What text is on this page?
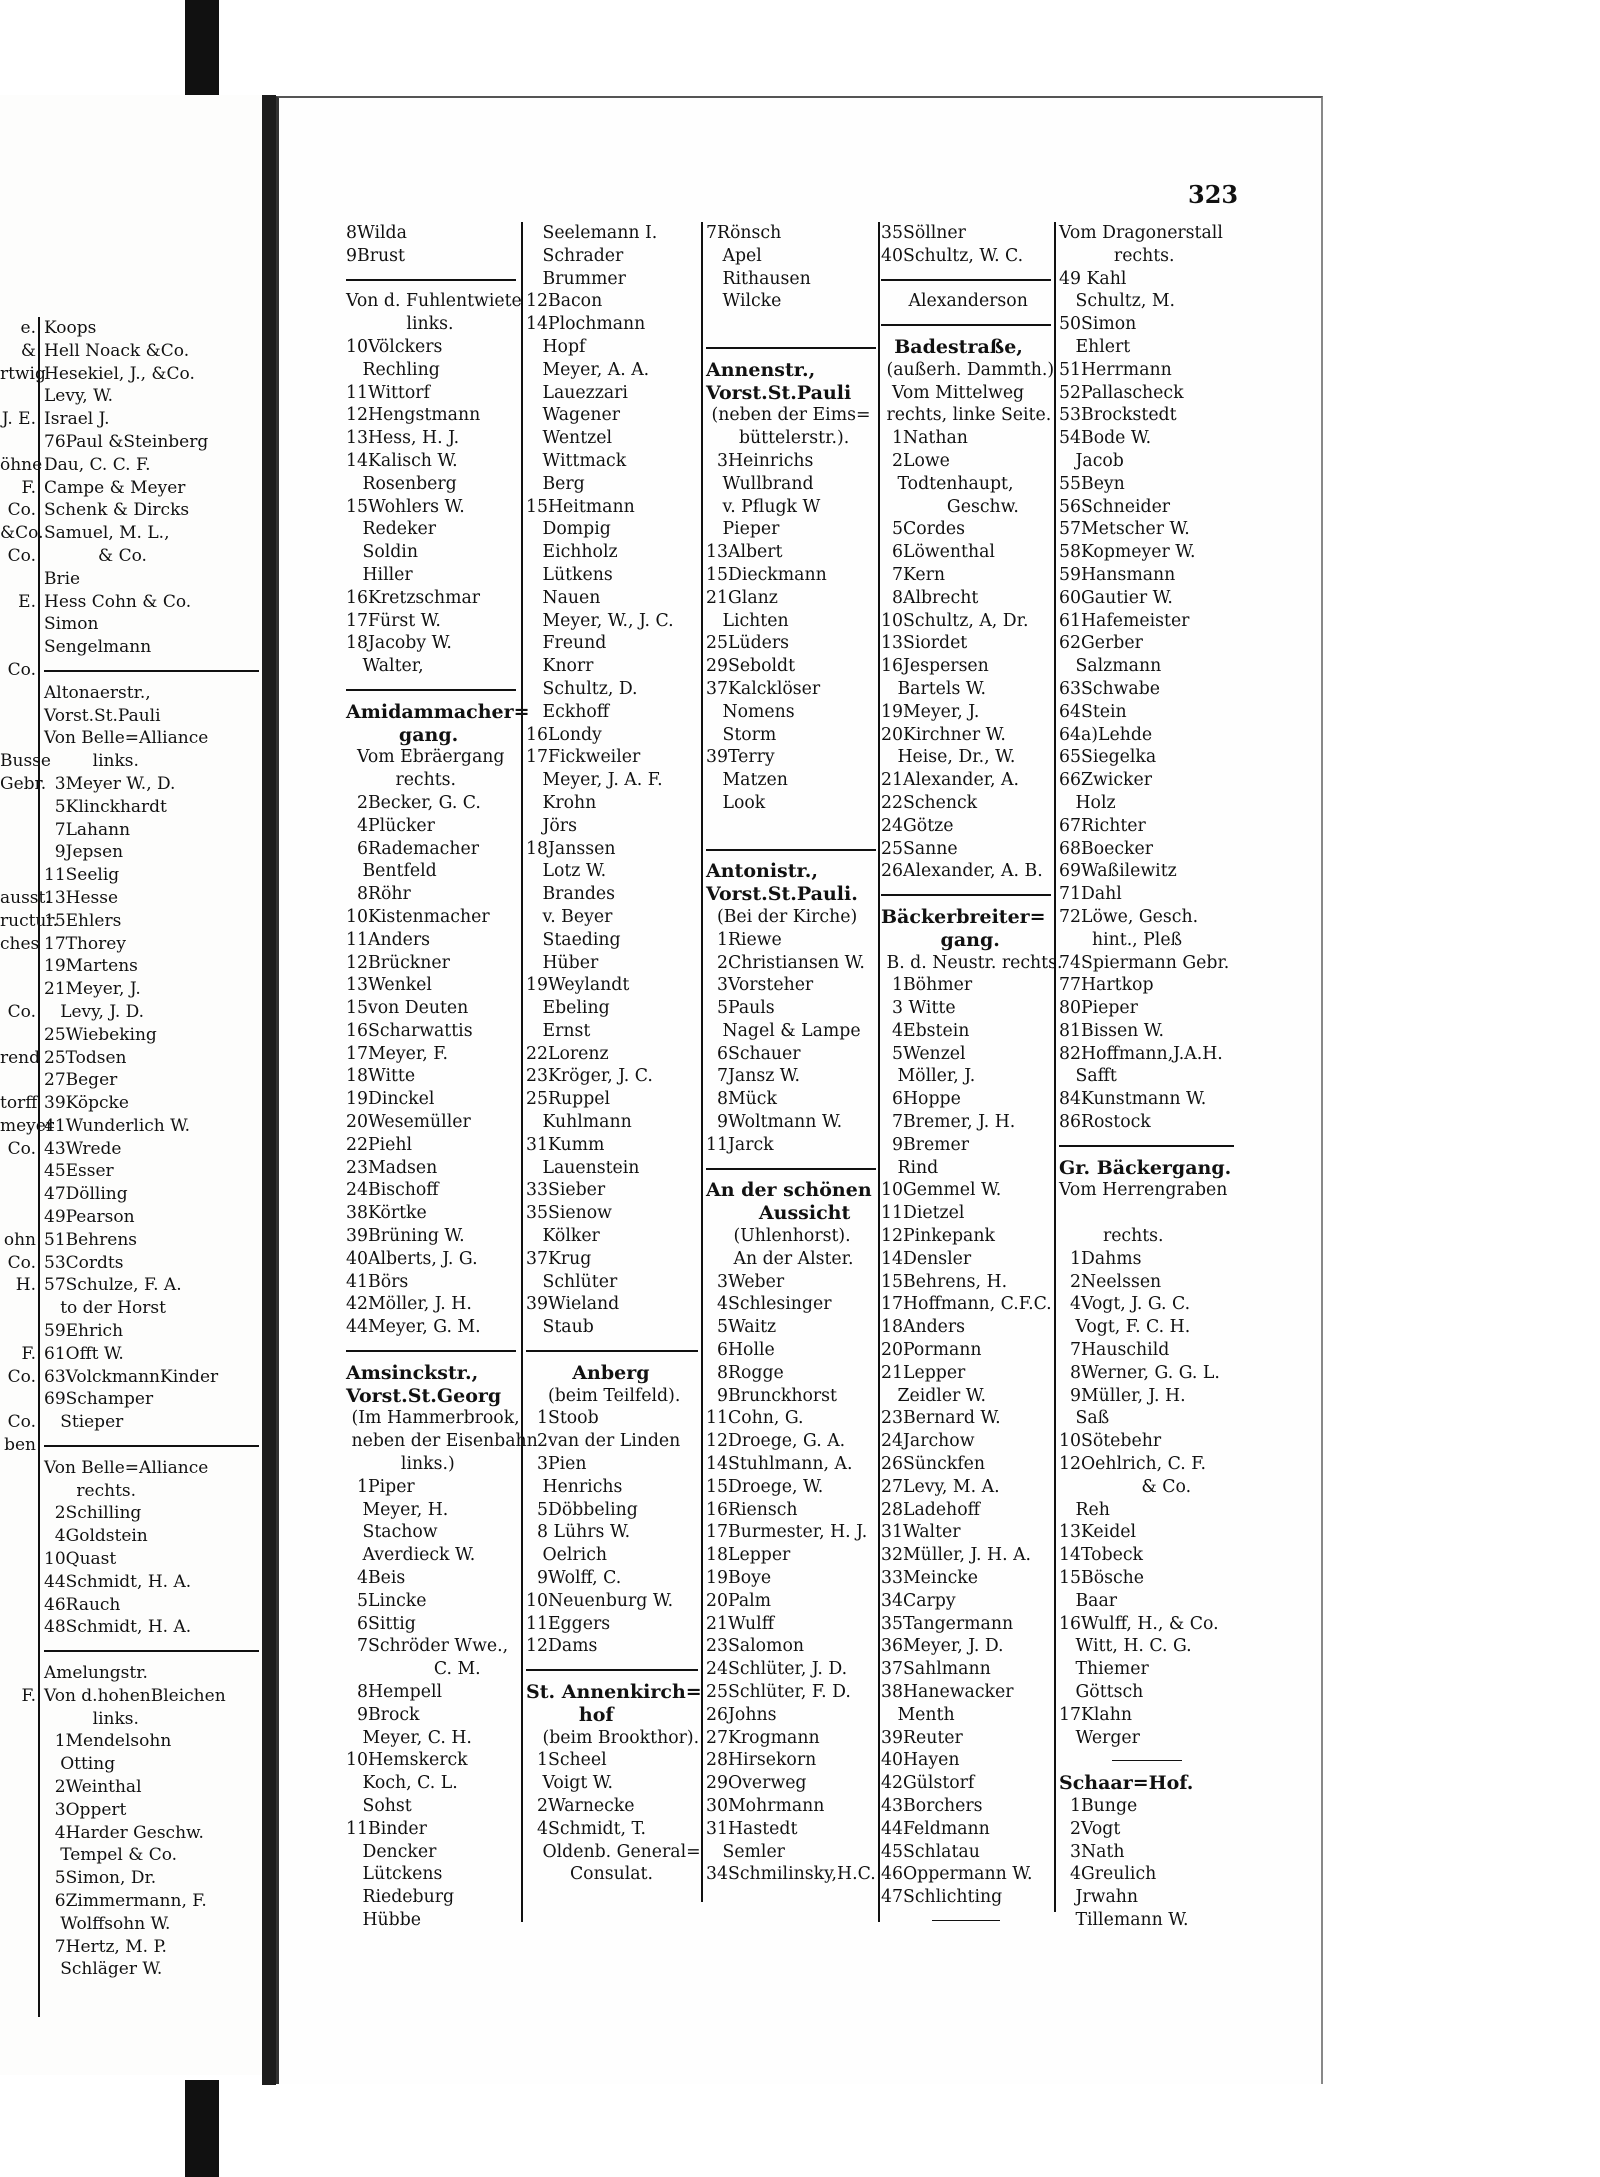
e.
&
rtwig
J. E.
öhne
F.
Co.
&Co.
Co.
E.
Co.
Busse
Gebr.
ausst.
ructur.
ches
Co.
rend
torff
meyer
Co.
ohn
Co.
H.
F.
Co.
Co.
ben
F.
Koops
Hell Noack &Co.
Hesekiel, J., &Co.
Levy, W.
Israel J.
76Paul &Steinberg
Dau, C. C. F.
Campe & Meyer
Schenk & Dircks
Samuel, M. L.,
& Co.
Brie
Hess Cohn & Co.
Simon
Sengelmann
Altonaerstr.,
Vorst.St.Pauli
Von Belle=Alliance
links.
3Meyer W., D.
5Klinckhardt
7Lahann
9Jepsen
11Seelig
13Hesse
15Ehlers
17Thorey
19Martens
21Meyer, J.
Levy, J. D.
25Wiebeking
25Todsen
27Beger
39Köpcke
41Wunderlich W.
43Wrede
45Esser
47Dölling
49Pearson
51Behrens
53Cordts
57Schulze, F. A.
to der Horst
59Ehrich
61Offt W.
63VolckmannKinder
69Schamper
Stieper
Von Belle=Alliance
rechts.
2Schilling
4Goldstein
10Quast
44Schmidt, H. A.
46Rauch
48Schmidt, H. A.
Amelungstr.
Von d.hohenBleichen
links.
1Mendelsohn
Otting
2Weinthal
3Oppert
4Harder Geschw.
Tempel & Co.
5Simon, Dr.
6Zimmermann, F.
Wolffsohn W.
7Hertz, M. P.
Schläger W.
323
8Wilda
9Brust
Von d. Fuhlentwiete
links.
10Völckers
Rechling
11Wittorf
12Hengstmann
13Hess, H. J.
14Kalisch W.
Rosenberg
15Wohlers W.
Redeker
Soldin
Hiller
16Kretzschmar
17Fürst W.
18Jacoby W.
Walter,
Amidammacher=
gang.
Vom Ebräergang
rechts.
2Becker, G. C.
4Plücker
6Rademacher
Bentfeld
8Röhr
10Kistenmacher
11Anders
12Brückner
13Wenkel
15von Deuten
16Scharwattis
17Meyer, F.
18Witte
19Dinckel
20Wesemüller
22Piehl
23Madsen
24Bischoff
38Körtke
39Brüning W.
40Alberts, J. G.
41Börs
42Möller, J. H.
44Meyer, G. M.
Amsinckstr.,
Vorst.St.Georg
(Im Hammerbrook,
neben der Eisenbahn
links.)
1Piper
Meyer, H.
Stachow
Averdieck W.
4Beis
5Lincke
6Sittig
7Schröder Wwe.,
C. M.
8Hempell
9Brock
Meyer, C. H.
10Hemskerck
Koch, C. L.
Sohst
11Binder
Dencker
Lütckens
Riedeburg
Hübbe
Seelemann I.
Schrader
Brummer
12Bacon
14Plochmann
Hopf
Meyer, A. A.
Lauezzari
Wagener
Wentzel
Wittmack
Berg
15Heitmann
Dompig
Eichholz
Lütkens
Nauen
Meyer, W., J. C.
Freund
Knorr
Schultz, D.
Eckhoff
16Londy
17Fickweiler
Meyer, J. A. F.
Krohn
Jörs
18Janssen
Lotz W.
Brandes
v. Beyer
Staeding
Hüber
19Weylandt
Ebeling
Ernst
22Lorenz
23Kröger, J. C.
25Ruppel
Kuhlmann
31Kumm
Lauenstein
33Sieber
35Sienow
Kölker
37Krug
Schlüter
39Wieland
Staub
Anberg
(beim Teilfeld).
1Stoob
2van der Linden
3Pien
Henrichs
5Döbbeling
8 Lührs W.
Oelrich
9Wolff, C.
10Neuenburg W.
11Eggers
12Dams
St. Annenkirch=
hof
(beim Brookthor).
1Scheel
Voigt W.
2Warnecke
4Schmidt, T.
Oldenb. General=
Consulat.
7Rönsch
Apel
Rithausen
Wilcke
Annenstr.,
Vorst.St.Pauli
(neben der Eims=
büttelerstr.).
3Heinrichs
Wullbrand
v. Pflugk W
Pieper
13Albert
15Dieckmann
21Glanz
Lichten
25Lüders
29Seboldt
37Kalcklöser
Nomens
Storm
39Terry
Matzen
Look
Antonistr.,
Vorst.St.Pauli.
(Bei der Kirche)
1Riewe
2Christiansen W.
3Vorsteher
5Pauls
Nagel & Lampe
6Schauer
7Jansz W.
8Mück
9Woltmann W.
11Jarck
An der schönen
Aussicht
(Uhlenhorst).
An der Alster.
3Weber
4Schlesinger
5Waitz
6Holle
8Rogge
9Brunckhorst
11Cohn, G.
12Droege, G. A.
14Stuhlmann, A.
15Droege, W.
16Riensch
17Burmester, H. J.
18Lepper
19Boye
20Palm
21Wulff
23Salomon
24Schlüter, J. D.
25Schlüter, F. D.
26Johns
27Krogmann
28Hirsekorn
29Overweg
30Mohrmann
31Hastedt
Semler
34Schmilinsky,H.C.
35Söllner
40Schultz, W. C.
Alexanderson
Badestraße,
(außerh. Dammth.)
Vom Mittelweg
rechts, linke Seite.
1Nathan
2Lowe
Todtenhaupt,
Geschw.
5Cordes
6Löwenthal
7Kern
8Albrecht
10Schultz, A, Dr.
13Siordet
16Jespersen
Bartels W.
19Meyer, J.
20Kirchner W.
Heise, Dr., W.
21Alexander, A.
22Schenck
24Götze
25Sanne
26Alexander, A. B.
Bäckerbreiter=
gang.
B. d. Neustr. rechts.
1Böhmer
3 Witte
4Ebstein
5Wenzel
Möller, J.
6Hoppe
7Bremer, J. H.
9Bremer
Rind
10Gemmel W.
11Dietzel
12Pinkepank
14Densler
15Behrens, H.
17Hoffmann, C.F.C.
18Anders
20Pormann
21Lepper
Zeidler W.
23Bernard W.
24Jarchow
26Sünckfen
27Levy, M. A.
28Ladehoff
31Walter
32Müller, J. H. A.
33Meincke
34Carpy
35Tangermann
36Meyer, J. D.
37Sahlmann
38Hanewacker
Menth
39Reuter
40Hayen
42Gülstorf
43Borchers
44Feldmann
45Schlatau
46Oppermann W.
47Schlichting
Vom Dragonerstall
rechts.
49 Kahl
Schultz, M.
50Simon
Ehlert
51Herrmann
52Pallascheck
53Brockstedt
54Bode W.
Jacob
55Beyn
56Schneider
57Metscher W.
58Kopmeyer W.
59Hansmann
60Gautier W.
61Hafemeister
62Gerber
Salzmann
63Schwabe
64Stein
64a)Lehde
65Siegelka
66Zwicker
Holz
67Richter
68Boecker
69Waßilewitz
71Dahl
72Löwe, Gesch.
hint., Pleß
74Spiermann Gebr.
77Hartkop
80Pieper
81Bissen W.
82Hoffmann,J.A.H.
Safft
84Kunstmann W.
86Rostock
Gr. Bäckergang.
Vom Herrengraben
rechts.
1Dahms
2Neelssen
4Vogt, J. G. C.
Vogt, F. C. H.
7Hauschild
8Werner, G. G. L.
9Müller, J. H.
Saß
10Sötebehr
12Oehlrich, C. F.
& Co.
Reh
13Keidel
14Tobeck
15Bösche
Baar
16Wulff, H., & Co.
Witt, H. C. G.
Thiemer
Göttsch
17Klahn
Werger
Schaar=Hof.
1Bunge
2Vogt
3Nath
4Greulich
Jrwahn
Tillemann W.
